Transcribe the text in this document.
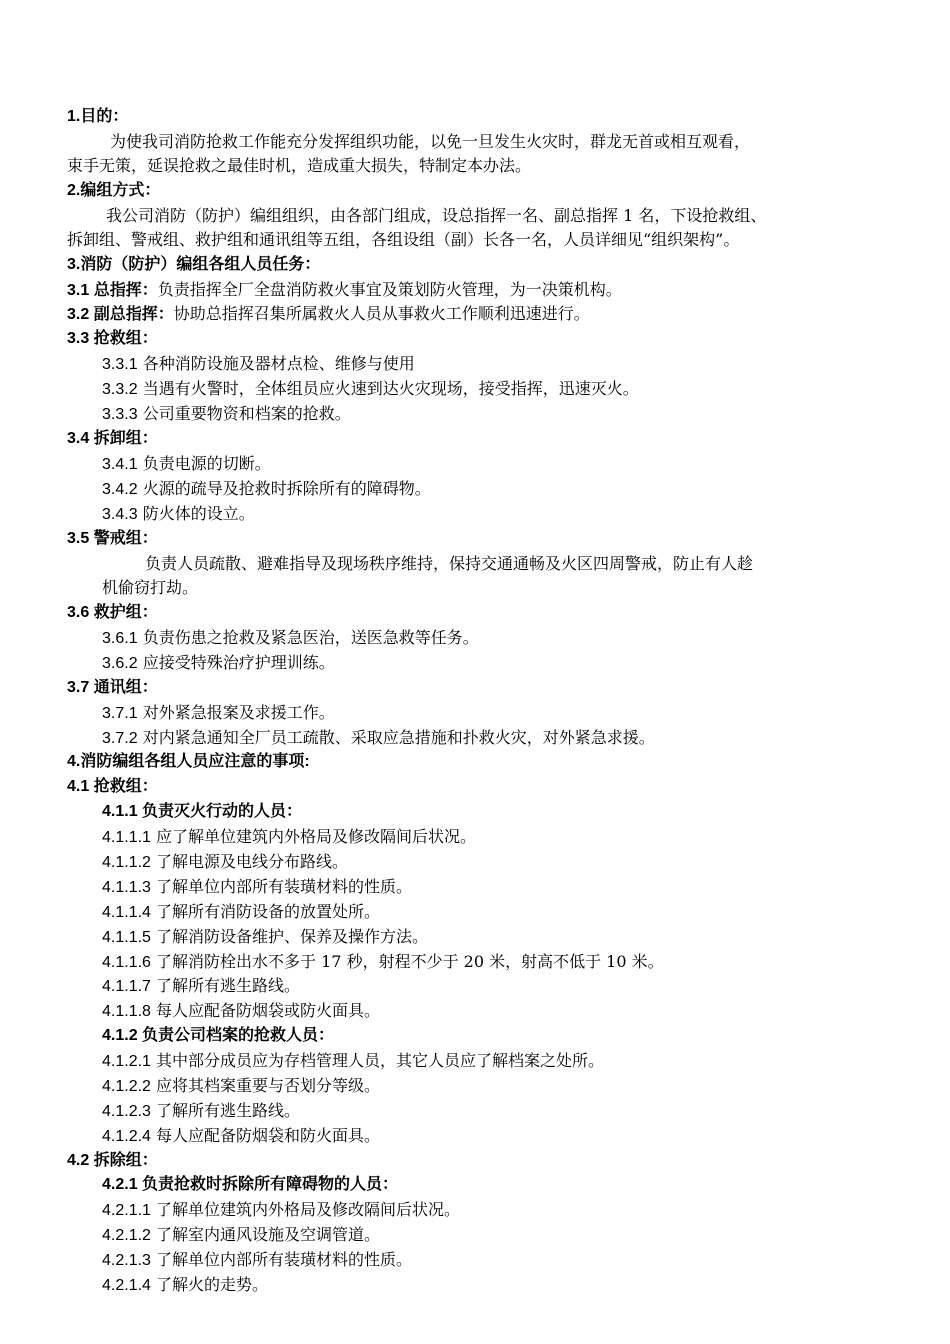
1.目的：
为使我司消防抢救工作能充分发挥组织功能，以免一旦发生火灾时，群龙无首或相互观看，
束手无策，延误抢救之最佳时机，造成重大损失，特制定本办法。
2.编组方式：
我公司消防（防护）编组组织，由各部门组成，设总指挥一名、副总指挥 1 名，下设抢救组、
拆卸组、警戒组、救护组和通讯组等五组，各组设组（副）长各一名，人员详细见“组织架构”。
3.消防（防护）编组各组人员任务：
3.1 总指挥：负责指挥全厂全盘消防救火事宜及策划防火管理，为一决策机构。
3.2 副总指挥：协助总指挥召集所属救火人员从事救火工作顺利迅速进行。
3.3 抢救组：
3.3.1 各种消防设施及器材点检、维修与使用
3.3.2 当遇有火警时，全体组员应火速到达火灾现场，接受指挥，迅速灭火。
3.3.3 公司重要物资和档案的抢救。
3.4 拆卸组：
3.4.1 负责电源的切断。
3.4.2 火源的疏导及抢救时拆除所有的障碍物。
3.4.3 防火体的设立。
3.5 警戒组：
负责人员疏散、避难指导及现场秩序维持，保持交通通畅及火区四周警戒，防止有人趁
机偷窃打劫。
3.6 救护组：
3.6.1 负责伤患之抢救及紧急医治，送医急救等任务。
3.6.2 应接受特殊治疗护理训练。
3.7 通讯组：
3.7.1 对外紧急报案及求援工作。
3.7.2 对内紧急通知全厂员工疏散、采取应急措施和扑救火灾，对外紧急求援。
4.消防编组各组人员应注意的事项:
4.1 抢救组：
4.1.1 负责灭火行动的人员：
4.1.1.1 应了解单位建筑内外格局及修改隔间后状况。
4.1.1.2 了解电源及电线分布路线。
4.1.1.3 了解单位内部所有装璜材料的性质。
4.1.1.4 了解所有消防设备的放置处所。
4.1.1.5 了解消防设备维护、保养及操作方法。
4.1.1.6 了解消防栓出水不多于 17 秒，射程不少于 20 米，射高不低于 10 米。
4.1.1.7 了解所有逃生路线。
4.1.1.8 每人应配备防烟袋或防火面具。
4.1.2 负责公司档案的抢救人员：
4.1.2.1 其中部分成员应为存档管理人员，其它人员应了解档案之处所。
4.1.2.2 应将其档案重要与否划分等级。
4.1.2.3 了解所有逃生路线。
4.1.2.4 每人应配备防烟袋和防火面具。
4.2 拆除组：
4.2.1 负责抢救时拆除所有障碍物的人员：
4.2.1.1 了解单位建筑内外格局及修改隔间后状况。
4.2.1.2 了解室内通风设施及空调管道。
4.2.1.3 了解单位内部所有装璜材料的性质。
4.2.1.4 了解火的走势。
